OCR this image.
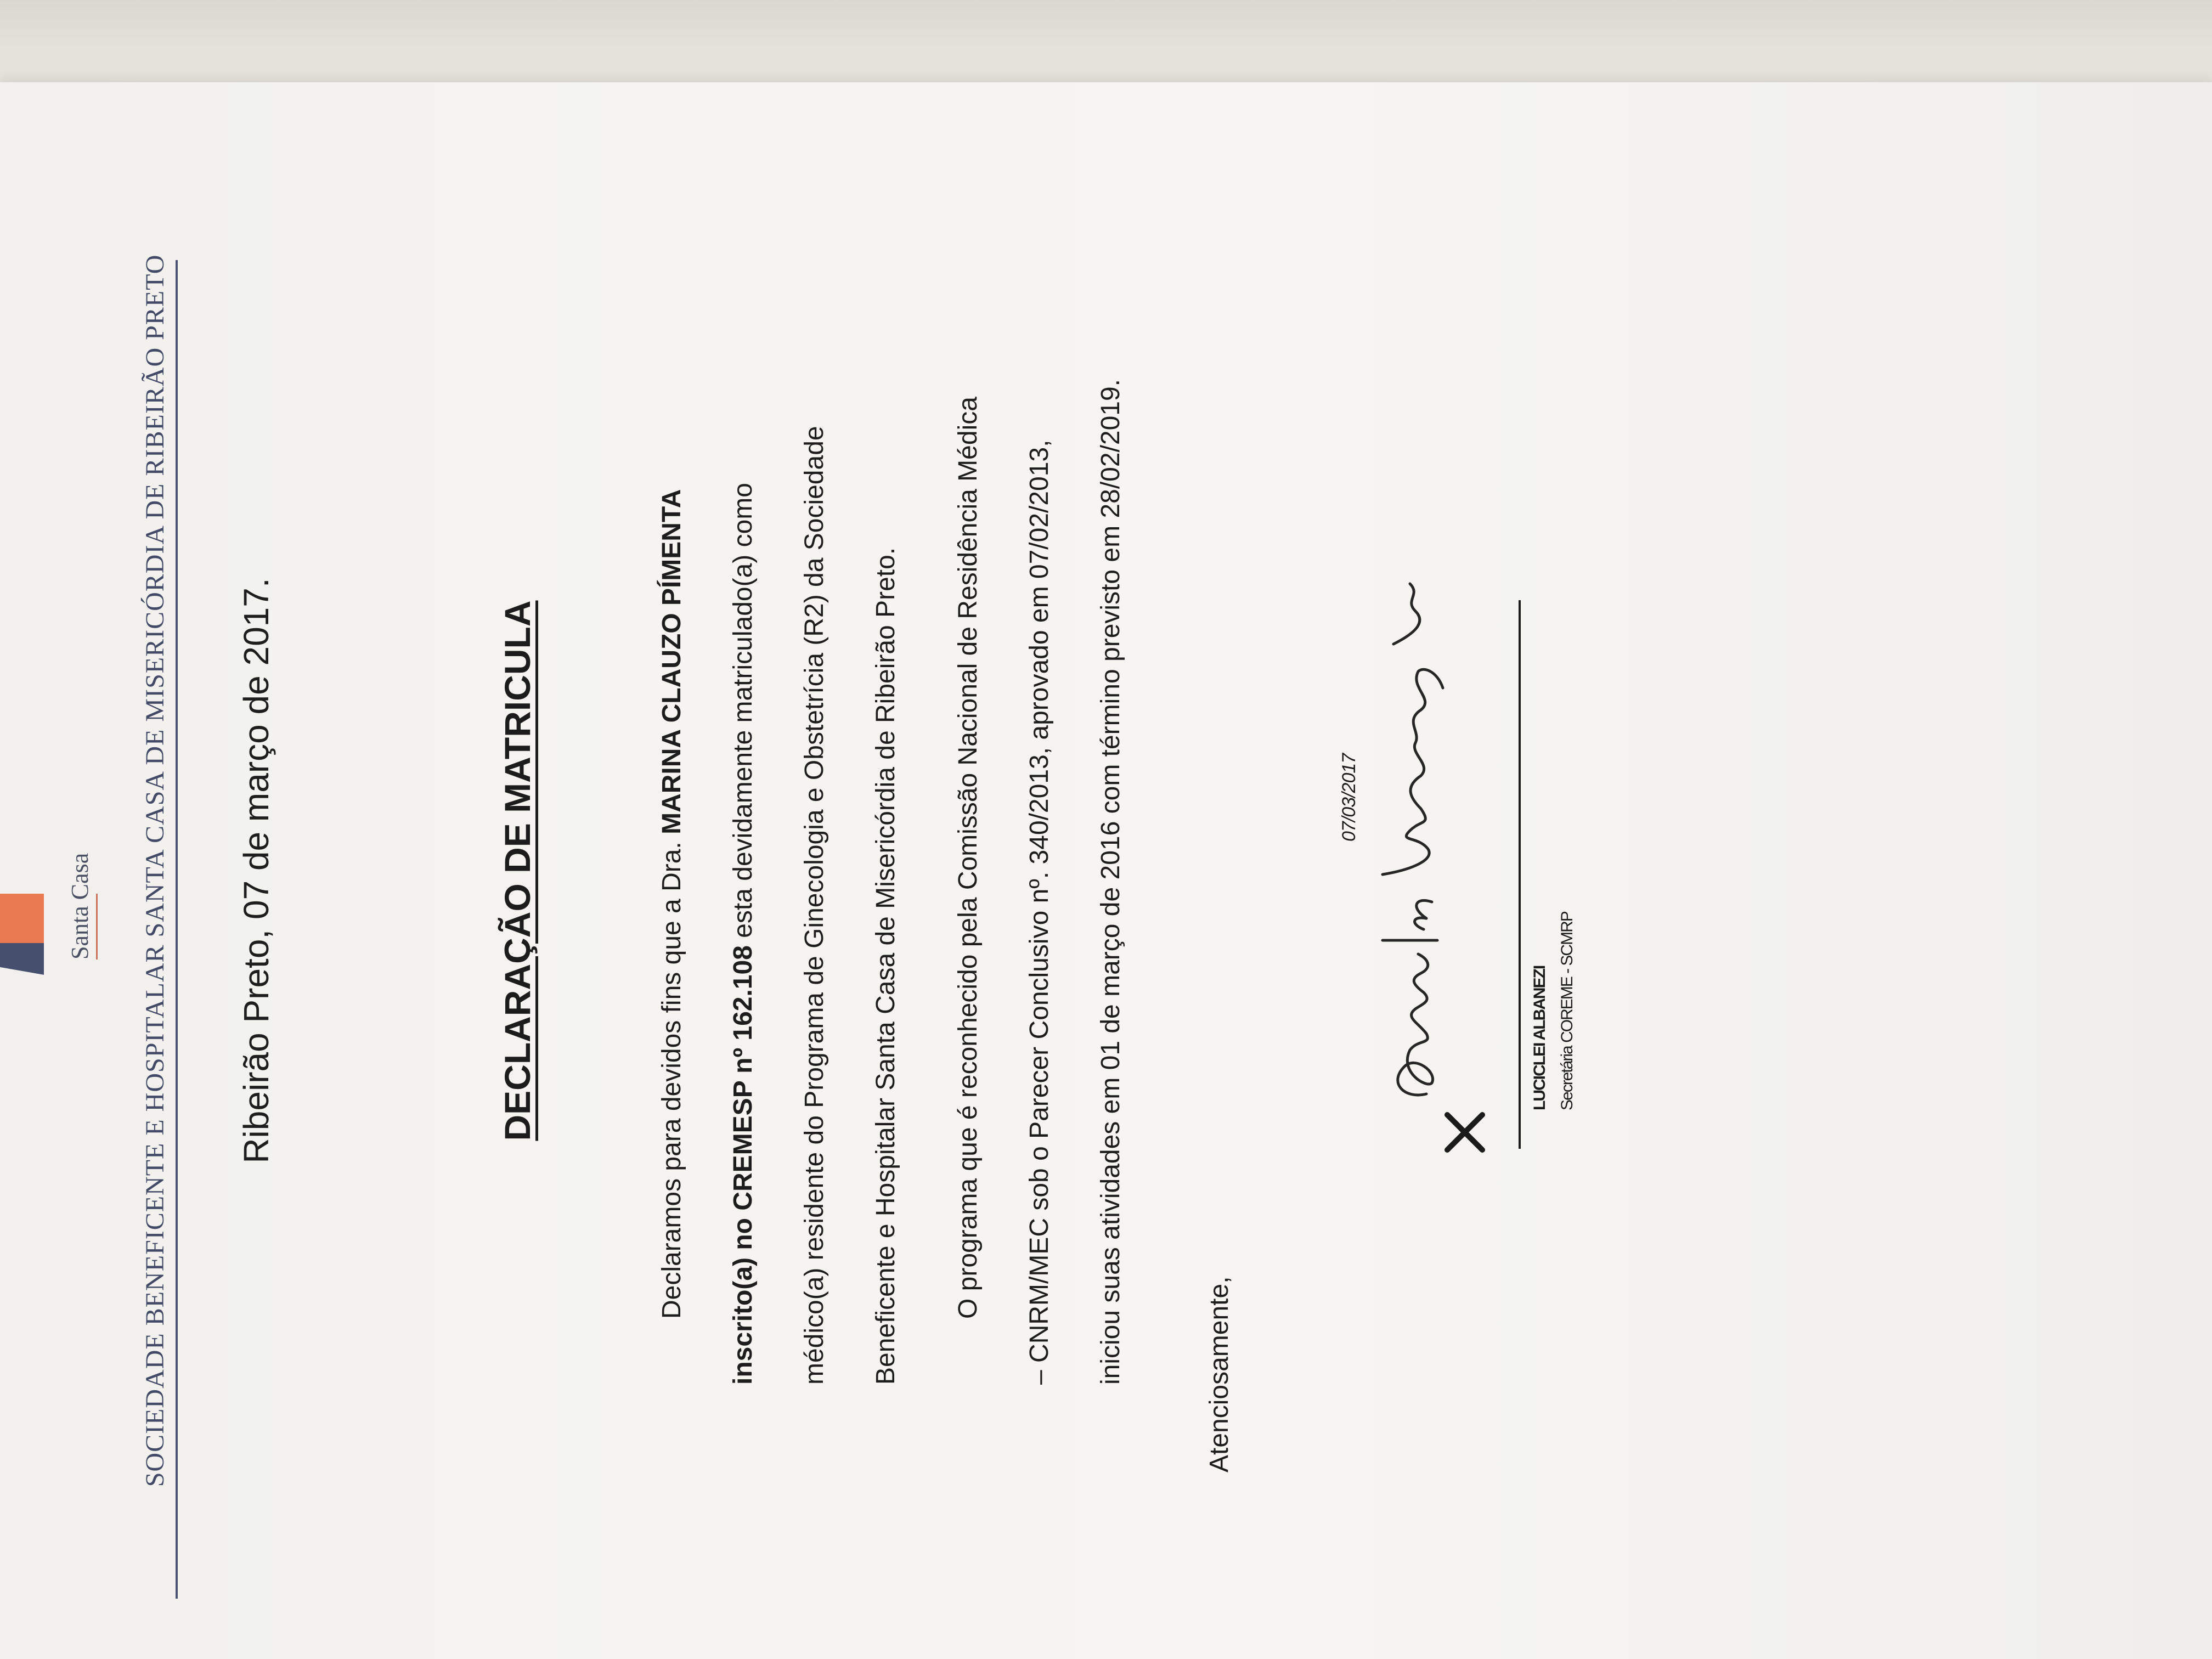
Santa Casa SOCIEDADE BENEFICENTE E HOSPITALAR SANTA CASA DE MISERICÓRDIA DE RIBEIRÃO PRETO Ribeirão Preto, 07 de março de 2017.	DECLARAÇÃO DE MATRICULA	Declaramos para devidos fins que a Dra. MARINA CLAUZO PÍMENTA
inscrito(a) no CREMESP nº 162.108 esta devidamente matriculado(a) como	médico(a) residente do Programa de Ginecologia e Obstetrícia (R2) da Sociedade	Beneficente e Hospitalar Santa Casa de Misericórdia de Ribeirão Preto.	O programa que é reconhecido pela Comissão Nacional de Residência Médica	– CNRM/MEC sob o Parecer Conclusivo nº. 340/2013, aprovado em 07/02/2013,	iniciou suas atividades em 01 de março de 2016 com término previsto em 28/02/2019.	Atenciosamente,
07/03/2017
LUCICLEI ALBANEZI Secretária COREME - SCMRP
